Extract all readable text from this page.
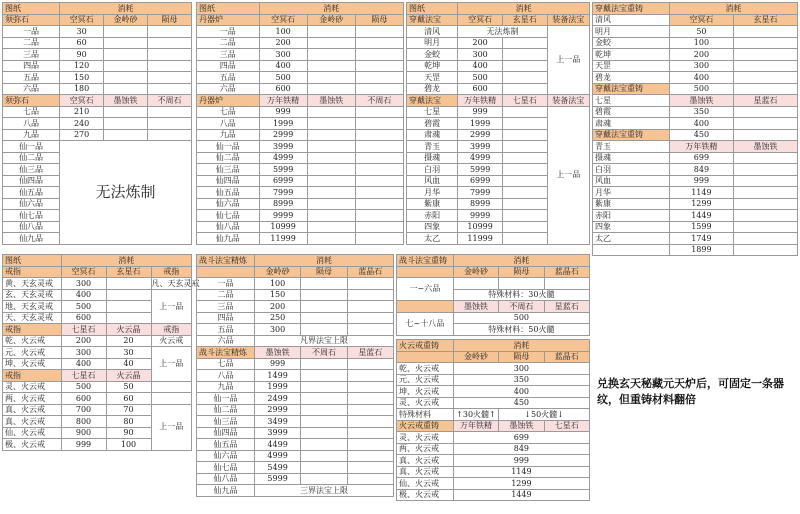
图纸	消耗		
须弥石	空冥石	金岭砂	陨母
一品	30		
二品	60		
三品	90		
四品	120		
五品	150		
六品	180		
须弥石	空冥石	墨蚀铁	不周石
七品	210		
八品	240		
九品	270		
仙一品	无法炼制		
仙二品			
仙三品			
仙四品			
仙五品			
仙六品			
仙七品			
仙八品			
仙九品			
图纸	消耗		
丹器炉	空冥石	金岭砂	陨母
一品	100		
二品	200		
三品	300		
四品	400		
五品	500		
六品	600		
丹器炉	万年铁精	墨蚀铁	不周石
七品	999		
八品	1999		
九品	2999		
仙一品	3999		
仙二品	4999		
仙三品	5999		
仙四品	6999		
仙五品	7999		
仙六品	8999		
仙七品	9999		
仙八品	10999		
仙九品	11999		
图纸	消耗		
穿戴法宝	空冥石	玄星石	装备法宝
清风	无法炼制		上一品
明月	200		
金蛟	300		
乾坤	400		
天罡	500		
碧龙	600		
穿戴法宝	万年铁精	七星石	装备法宝
七星	999		上一品
碧霞	1999		
肃魂	2999		
青玉	3999		
摄魂	4999		
白羽	5999		
风血	6999		
月华	7999		
紫康	8999		
赤阳	9999		
四象	10999		
太乙	11999		
穿戴法宝重铸	消耗		
清风	空冥石	玄星石	
明月	50		
金蛟	100		
乾坤	200		
天罡	300		
碧龙	400		
穿戴法宝重铸	500		
七星	墨蚀铁	星蓝石	
碧霞	350		
肃魂	400		
穿戴法宝重铸	450		
青玉	万年铁精	墨蚀铁	
摄魂	699		
白羽	849		
风血	999		
月华	1149		
紫康	1299		
赤阳	1449		
四象	1599		
太乙	1749		
	1899		
图纸	消耗		
戒指	空冥石	玄星石	戒指
黄、天玄灵戒	300		凡、天玄灵戒
玄、天玄灵戒	400		上一品
地、天玄灵戒	500		
天、天玄灵戒	600		
戒指	七星石	火云晶	戒指
乾、火云戒	200	20	火云戒
元、火云戒	300	30	上一品
坤、火云戒	400	40	
戒指	七星石	火云晶	
灵、火云戒	500	50	
两、火云戒	600	60	
真、火云戒	700	70	上一品
真、火云戒	800	80	
仙、火云戒	900	90	
极、火云戒	999	100	
战斗法宝精炼	消耗		
	金岭砂	陨母	蓝晶石
一品	100		
二品	150		
三品	200		
四品	250		
五品	300		
六品	凡界法宝上限		
战斗法宝精炼	墨蚀铁	不周石	星蓝石
七品	999		
八品	1499		
九品	1999		
仙一品	2499		
仙二品	2999		
仙三品	3499		
仙四品	3999		
仙五品	4499		
仙六品	4999		
仙七品	5499		
仙八品	5999		
仙九品	三界法宝上限		
战斗法宝重铸	消耗		
	金岭砂	陨母	蓝晶石
一~六品			
	特殊材料：30火髓		
	墨蚀铁	不周石	星蓝石
七~十八品	500		
	特殊材料：50火髓		
火云戒重铸	消耗		
	金岭砂	陨母	蓝晶石
乾、火云戒	300		
元、火云戒	350		
坤、火云戒	400		
灵、火云戒	450		
特殊材料	↑30火髓↑	↓50火髓↓	
火云戒重铸	万年铁精	墨蚀铁	七星石
灵、火云戒	699		
两、火云戒	849		
真、火云戒	999		
真、火云戒	1149		
仙、火云戒	1299		
极、火云戒	1449		
兑换玄天秘藏元天炉后，可固定一条器纹，但重铸材料翻倍
